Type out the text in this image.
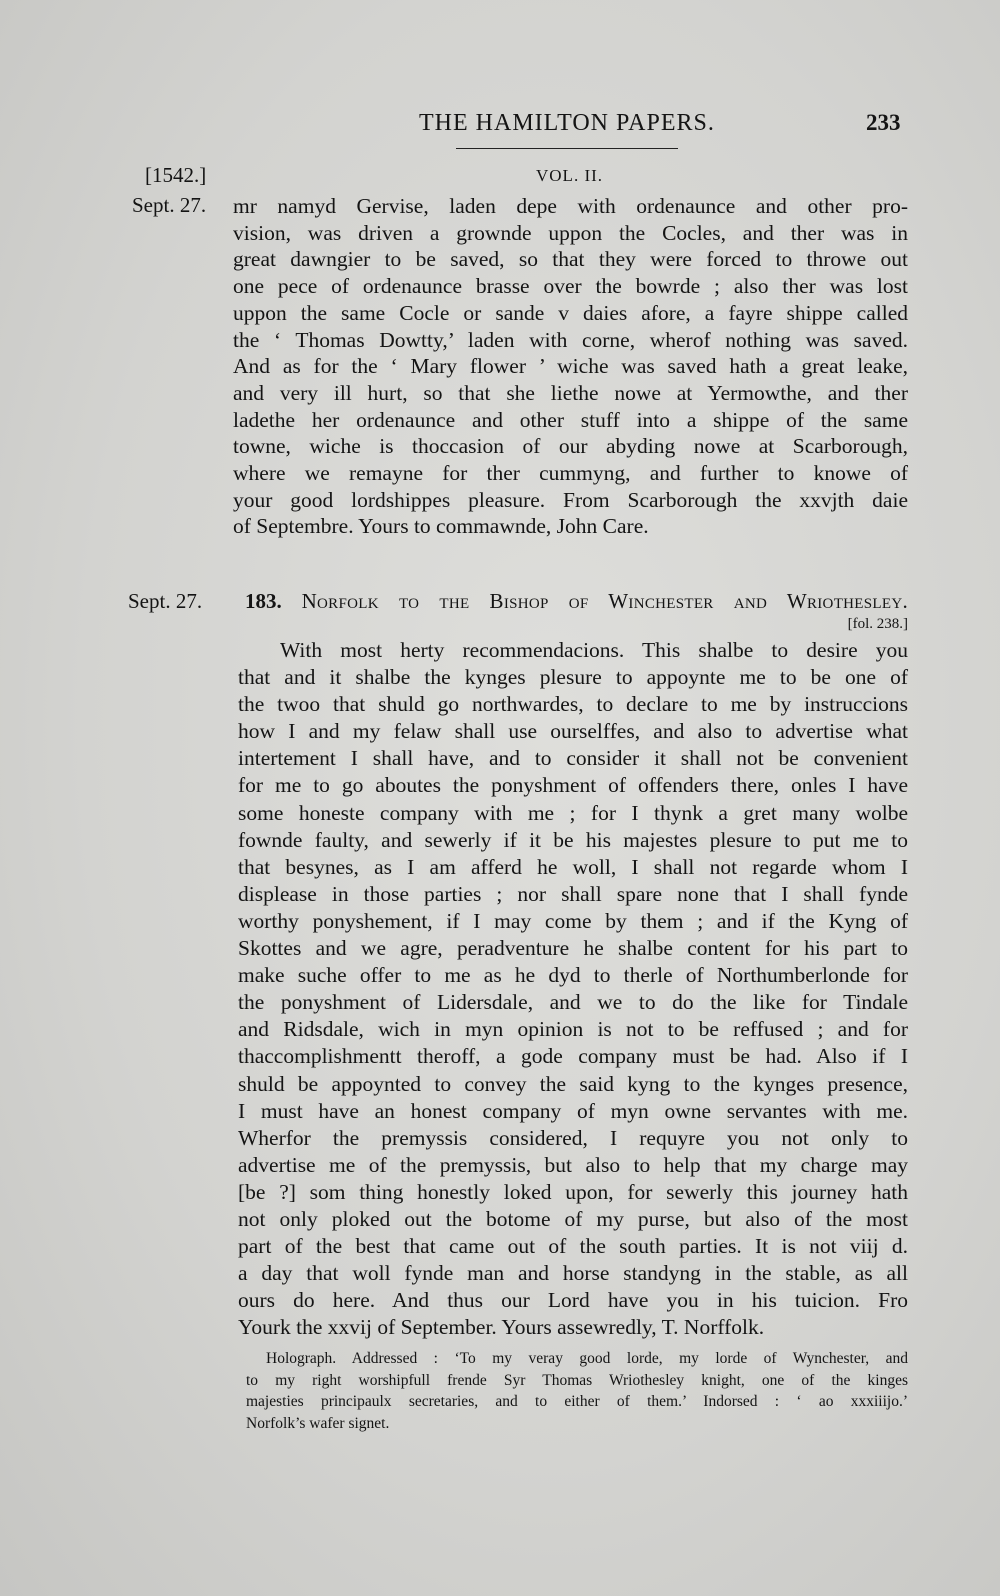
THE HAMILTON PAPERS.	233
[1542.]	VOL. II.
Sept. 27. mr namyd Gervise, laden depe with ordenaunce and other pro-
vision, was driven a grownde uppon the Cocles, and ther was in
great dawngier to be saved, so that they were forced to throwe out
one pece of ordenaunce brasse over the bowrde ; also ther was lost
uppon the same Cocle or sande v daies afore, a fayre shippe called
the ‘ Thomas Dowtty,’ laden with corne, wherof nothing was saved.
And as for the ‘ Mary flower ’ wiche was saved hath a great leake,
and very ill hurt, so that she liethe nowe at Yermowthe, and ther
ladethe her ordenaunce and other stuff into a shippe of the same
towne, wiche is thoccasion of our abyding nowe at Scarborough,
where we remayne for ther cummyng, and further to knowe of
your good lordshippes pleasure. From Scarborough the xxvjth daie
of Septembre. Yours to commawnde, John Care.
Sept. 27. 183. Norfolk to the Bishop of Winchester and Wriothesley.
[fol. 238.]
With most herty recommendacions. This shalbe to desire you
that and it shalbe the kynges plesure to appoynte me to be one of
the twoo that shuld go northwardes, to declare to me by instruccions
how I and my felaw shall use ourselffes, and also to advertise what
intertement I shall have, and to consider it shall not be convenient
for me to go aboutes the ponyshment of offenders there, onles I have
some honeste company with me ; for I thynk a gret many wolbe
fownde faulty, and sewerly if it be his majestes plesure to put me to
that besynes, as I am afferd he woll, I shall not regarde whom I
displease in those parties ; nor shall spare none that I shall fynde
worthy ponyshement, if I may come by them ; and if the Kyng of
Skottes and we agre, peradventure he shalbe content for his part to
make suche offer to me as he dyd to therle of Northumberlonde for
the ponyshment of Lidersdale, and we to do the like for Tindale
and Ridsdale, wich in myn opinion is not to be reffused ; and for
thaccomplishmentt theroff, a gode company must be had. Also if I
shuld be appoynted to convey the said kyng to the kynges presence,
I must have an honest company of myn owne servantes with me.
Wherfor the premyssis considered, I requyre you not only to
advertise me of the premyssis, but also to help that my charge may
[be ?] som thing honestly loked upon, for sewerly this journey hath
not only ploked out the botome of my purse, but also of the most
part of the best that came out of the south parties. It is not viij d.
a day that woll fynde man and horse standyng in the stable, as all
ours do here. And thus our Lord have you in his tuicion. Fro
Yourk the xxvij of September. Yours assewredly, T. Norffolk.
Holograph. Addressed : ‘To my veray good lorde, my lorde of Wynchester, and
to my right worshipfull frende Syr Thomas Wriothesley knight, one of the kinges
majesties principaulx secretaries, and to either of them.’ Indorsed : ‘ ao xxxiiijo.’
Norfolk’s wafer signet.
